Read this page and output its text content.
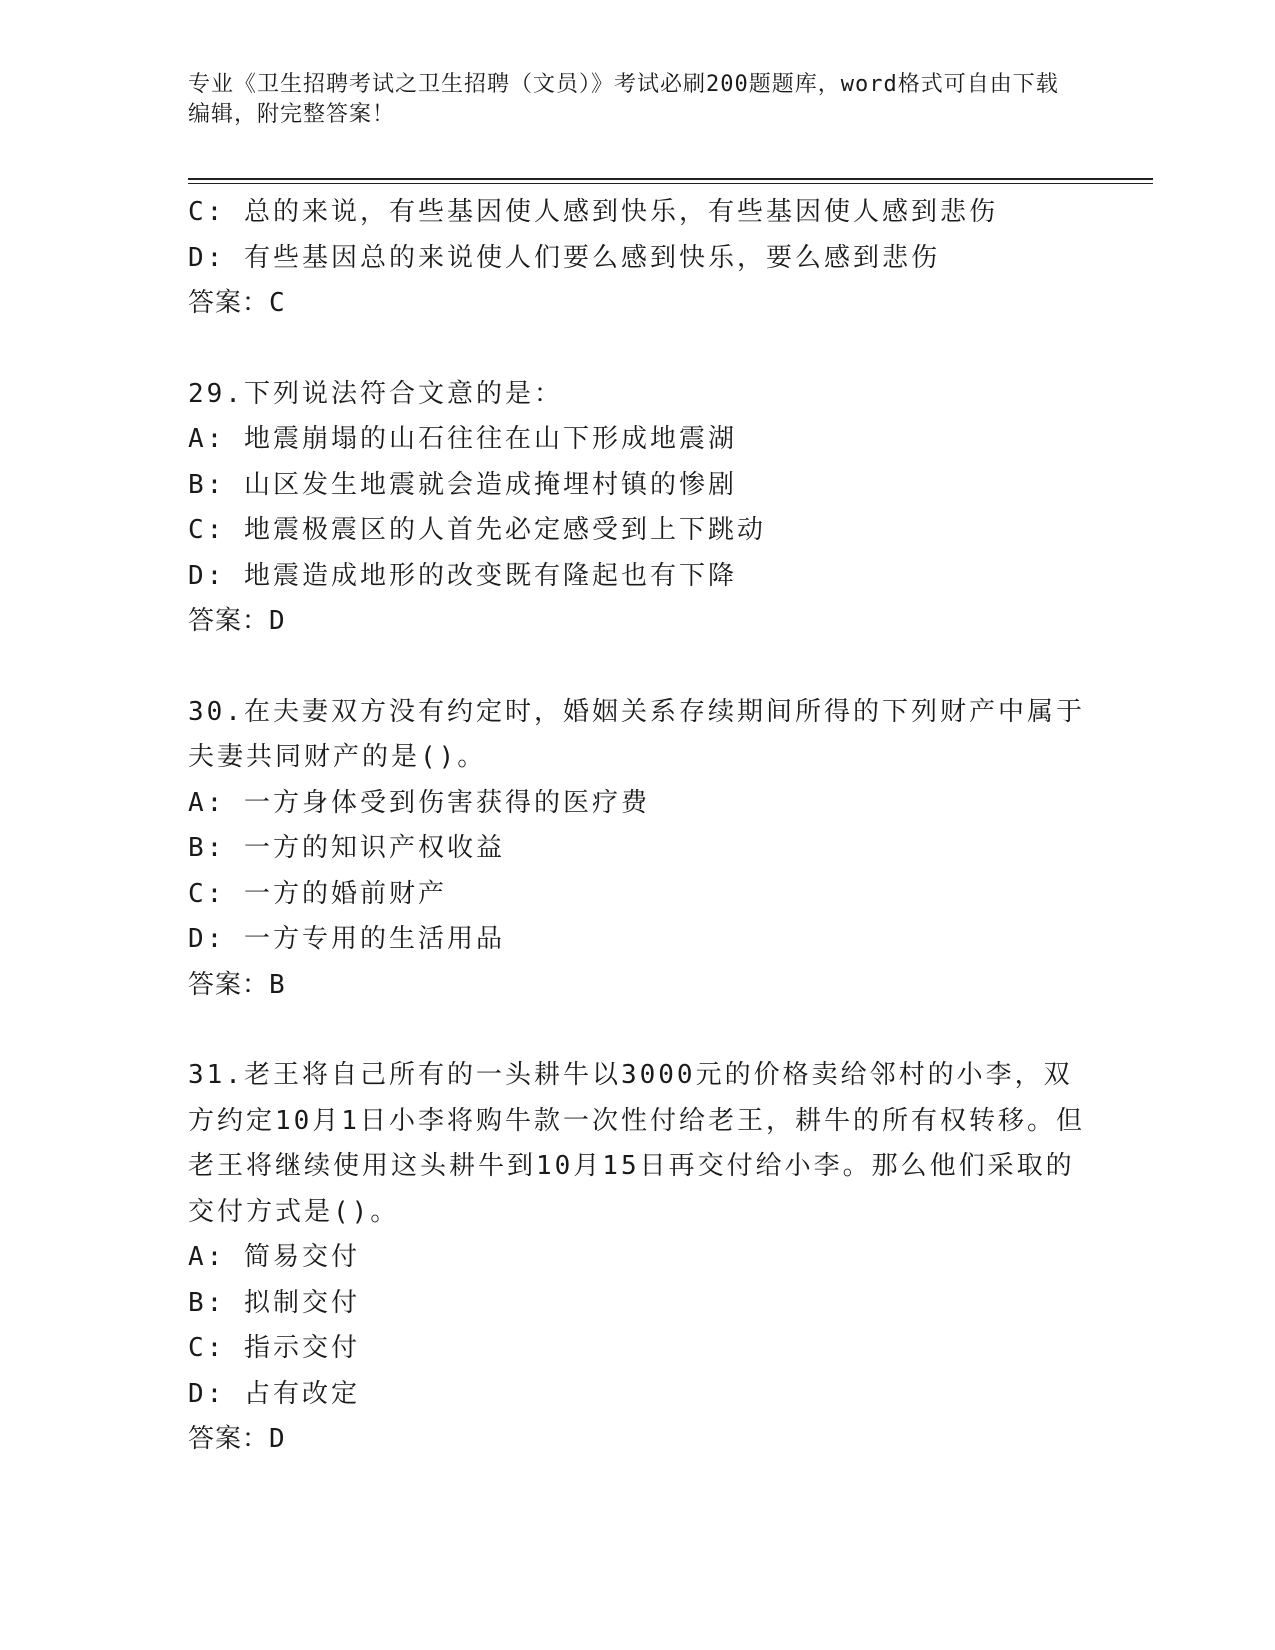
专业《卫生招聘考试之卫生招聘（文员）》考试必刷200题题库，word格式可自由下载编辑，附完整答案！
C: 总的来说，有些基因使人感到快乐，有些基因使人感到悲伤
D: 有些基因总的来说使人们要么感到快乐，要么感到悲伤
答案：C
29.下列说法符合文意的是：
A: 地震崩塌的山石往往在山下形成地震湖
B: 山区发生地震就会造成掩埋村镇的惨剧
C: 地震极震区的人首先必定感受到上下跳动
D: 地震造成地形的改变既有隆起也有下降
答案：D
30.在夫妻双方没有约定时，婚姻关系存续期间所得的下列财产中属于夫妻共同财产的是()。
A: 一方身体受到伤害获得的医疗费
B: 一方的知识产权收益
C: 一方的婚前财产
D: 一方专用的生活用品
答案：B
31.老王将自己所有的一头耕牛以3000元的价格卖给邻村的小李，双方约定10月1日小李将购牛款一次性付给老王，耕牛的所有权转移。但老王将继续使用这头耕牛到10月15日再交付给小李。那么他们采取的交付方式是()。
A: 简易交付
B: 拟制交付
C: 指示交付
D: 占有改定
答案：D
